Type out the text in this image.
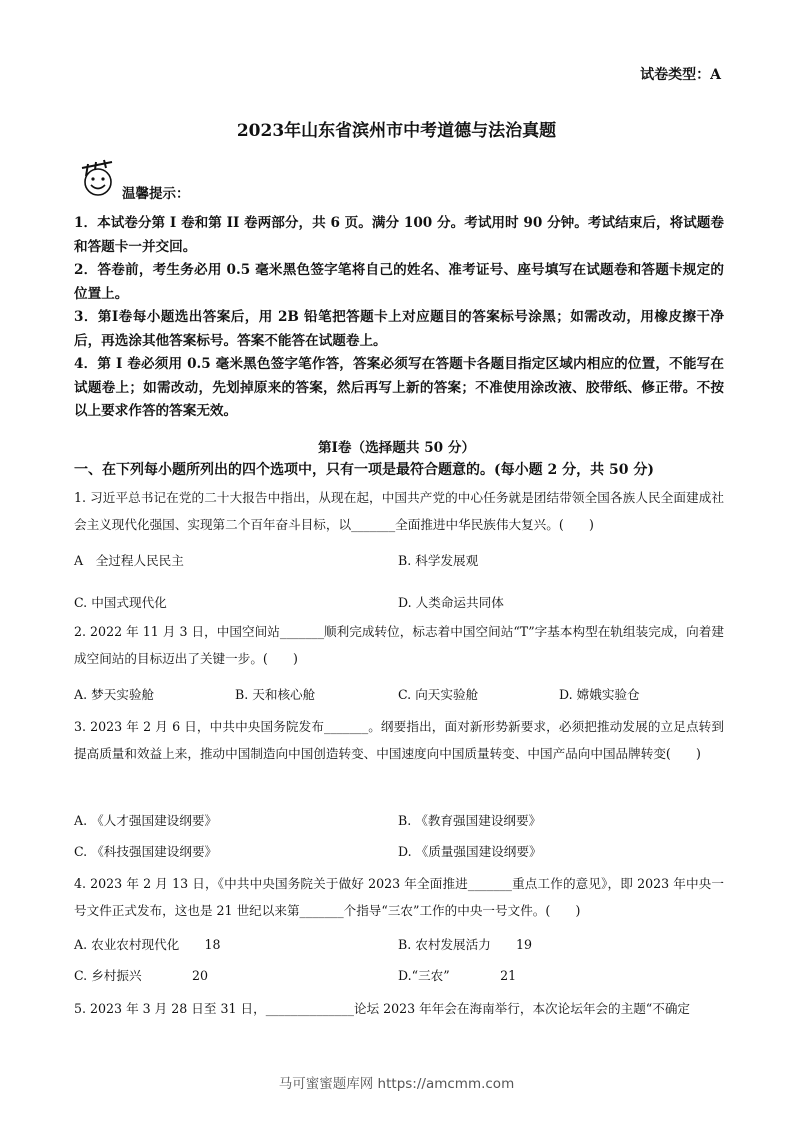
试卷类型：A
2023年山东省滨州市中考道德与法治真题
温馨提示：

1．本试卷分第 I 卷和第 II 卷两部分，共 6 页。满分 100 分。考试用时 90 分钟。考试结束后，将试题卷和答题卡一并交回。

2．答卷前，考生务必用 0.5 毫米黑色签字笔将自己的姓名、准考证号、座号填写在试题卷和答题卡规定的位置上。

3．第Ⅰ卷每小题选出答案后，用 2B 铅笔把答题卡上对应题目的答案标号涂黑；如需改动，用橡皮擦干净后，再选涂其他答案标号。答案不能答在试题卷上。

4．第 I 卷必须用 0.5 毫米黑色签字笔作答，答案必须写在答题卡各题目指定区域内相应的位置，不能写在试题卷上；如需改动，先划掉原来的答案，然后再写上新的答案；不准使用涂改液、胶带纸、修正带。不按以上要求作答的答案无效。

第Ⅰ卷（选择题共 50 分）
一、在下列每小题所列出的四个选项中，只有一项是最符合题意的。(每小题 2 分，共 50 分)
1. 习近平总书记在党的二十大报告中指出，从现在起，中国共产党的中心任务就是团结带领全国各族人民全面建成社会主义现代化强国、实现第二个百年奋斗目标，以_______全面推进中华民族伟大复兴。(　　)
A　全过程人民民主	B. 科学发展观
C. 中国式现代化	D. 人类命运共同体
2. 2022 年 11 月 3 日，中国空间站_______顺利完成转位，标志着中国空间站“T”字基本构型在轨组装完成，向着建成空间站的目标迈出了关键一步。(　　)
A. 梦天实验舱	B. 天和核心舱	C. 向天实验舱	D. 嫦娥实验仓
3. 2023 年 2 月 6 日，中共中央国务院发布_______。纲要指出，面对新形势新要求，必须把推动发展的立足点转到提高质量和效益上来，推动中国制造向中国创造转变、中国速度向中国质量转变、中国产品向中国品牌转变(　　)
A. 《人才强国建设纲要》	B. 《教育强国建设纲要》
C. 《科技强国建设纲要》	D. 《质量强国建设纲要》
4. 2023 年 2 月 13 日，《中共中央国务院关于做好 2023 年全面推进_______重点工作的意见》，即 2023 年中央一号文件正式发布，这也是 21 世纪以来第_______个指导“三农”工作的中央一号文件。(　　)
A. 农业农村现代化　　18	B. 农村发展活力　　19
C. 乡村振兴　　　　20	D.“三农”　　　　21
5. 2023 年 3 月 28 日至 31 日，______________论坛 2023 年年会在海南举行，本次论坛年会的主题“不确定
马可蜜蜜题库网 https://amcmm.com
